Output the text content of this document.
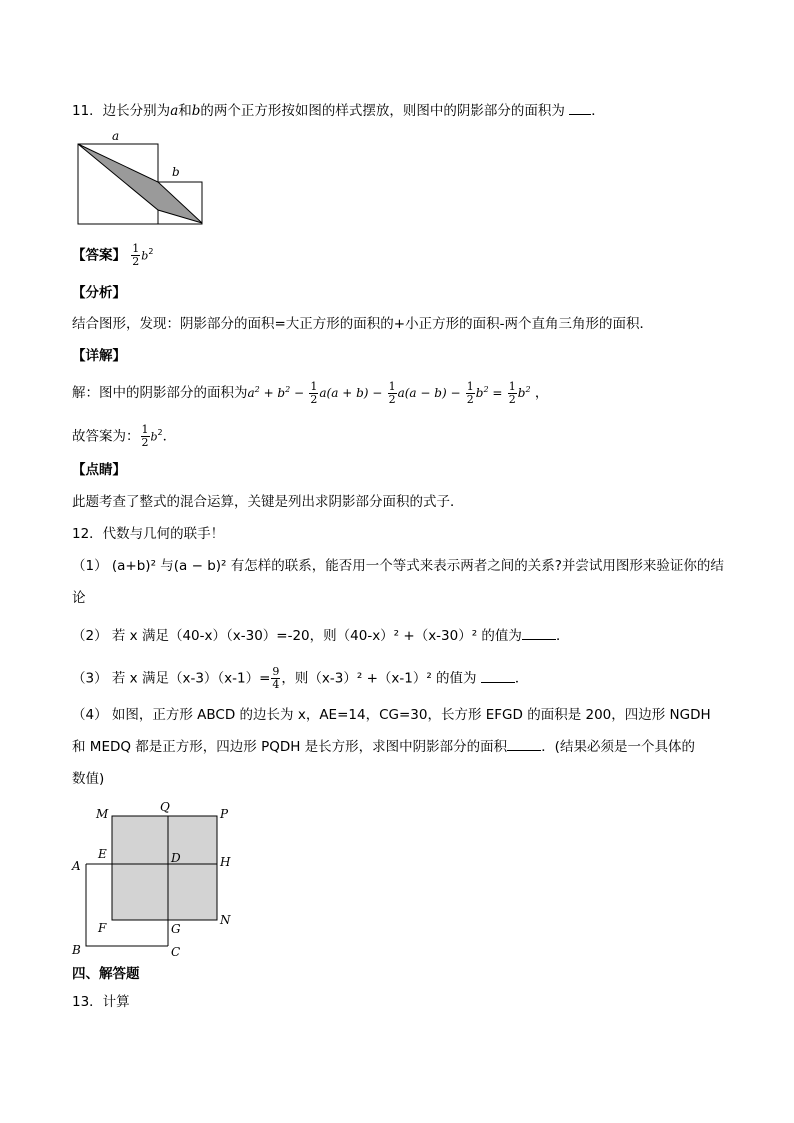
11．边长分别为a和b的两个正方形按如图的样式摆放，则图中的阴影部分的面积为 ．
a
b
【答案】 $\frac{1}{2} b^2$
【分析】
结合图形，发现：阴影部分的面积=大正方形的面积的+小正方形的面积-两个直角三角形的面积．
【详解】
解：图中的阴影部分的面积为$a^2 + b^2 - \frac{1}{2} a(a + b) - \frac{1}{2} a(a - b) - \frac{1}{2} b^2 = \frac{1}{2} b^2$ ，
故答案为： $\frac{1}{2} b^2$．
【点睛】
此题考查了整式的混合运算，关键是列出求阴影部分面积的式子．
12．代数与几何的联手！
（1） (a+b)² 与(a − b)² 有怎样的联系，能否用一个等式来表示两者之间的关系?并尝试用图形来验证你的结
论
（2） 若 x 满足（40-x）（x-30）=-20，则（40-x）² +（x-30）² 的值为	．
（3） 若 x 满足$(x-3)(x-1)= \frac{9}{4}$ ，则（x-3）² +（x-1）² 的值为	．
（4） 如图，正方形 ABCD 的边长为 x，AE=14，CG=30，长方形 EFGD 的面积是 200，四边形 NGDH
和 MEDQ 都是正方形，四边形 PQDH 是长方形，求图中阴影部分的面积	．(结果必须是一个具体的
数值)
M	Q	P
A
E	D	H
F	G
N
B	C
四、解答题
13．计算
